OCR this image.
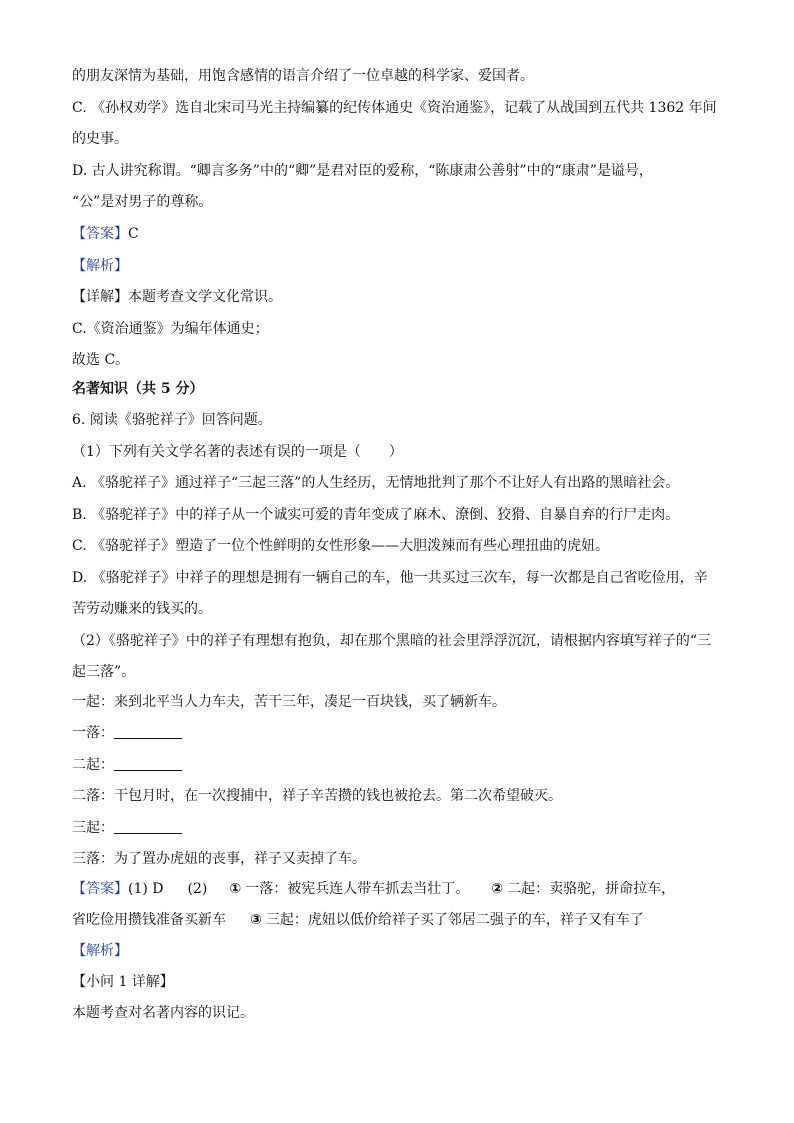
的朋友深情为基础，用饱含感情的语言介绍了一位卓越的科学家、爱国者。
C. 《孙权劝学》选自北宋司马光主持编纂的纪传体通史《资治通鉴》，记载了从战国到五代共 1362 年间
的史事。
D. 古人讲究称谓。“卿言多务”中的“卿”是君对臣的爱称，“陈康肃公善射”中的“康肃”是谥号，
“公”是对男子的尊称。
【答案】C
【解析】
【详解】本题考查文学文化常识。
C.《资治通鉴》为编年体通史；
故选 C。
名著知识（共 5 分）
6. 阅读《骆驼祥子》回答问题。
（1）下列有关文学名著的表述有误的一项是（　　）
A. 《骆驼祥子》通过祥子“三起三落”的人生经历，无情地批判了那个不让好人有出路的黑暗社会。
B. 《骆驼祥子》中的祥子从一个诚实可爱的青年变成了麻木、潦倒、狡猾、自暴自弃的行尸走肉。
C. 《骆驼祥子》塑造了一位个性鲜明的女性形象——大胆泼辣而有些心理扭曲的虎妞。
D. 《骆驼祥子》中祥子的理想是拥有一辆自己的车，他一共买过三次车，每一次都是自己省吃俭用，辛
苦劳动赚来的钱买的。
（2）《骆驼祥子》中的祥子有理想有抱负，却在那个黑暗的社会里浮浮沉沉，请根据内容填写祥子的“三
起三落”。
一起：来到北平当人力车夫，苦干三年，凑足一百块钱，买了辆新车。
一落：
二起：
二落：干包月时，在一次搜捕中，祥子辛苦攒的钱也被抢去。第二次希望破灭。
三起：
三落：为了置办虎妞的丧事，祥子又卖掉了车。
【答案】(1) D (2) ① 一落：被宪兵连人带车抓去当壮丁。 ② 二起：卖骆驼，拼命拉车，
省吃俭用攒钱准备买新车 ③ 三起：虎妞以低价给祥子买了邻居二强子的车，祥子又有车了
【解析】
【小问 1 详解】
本题考查对名著内容的识记。
